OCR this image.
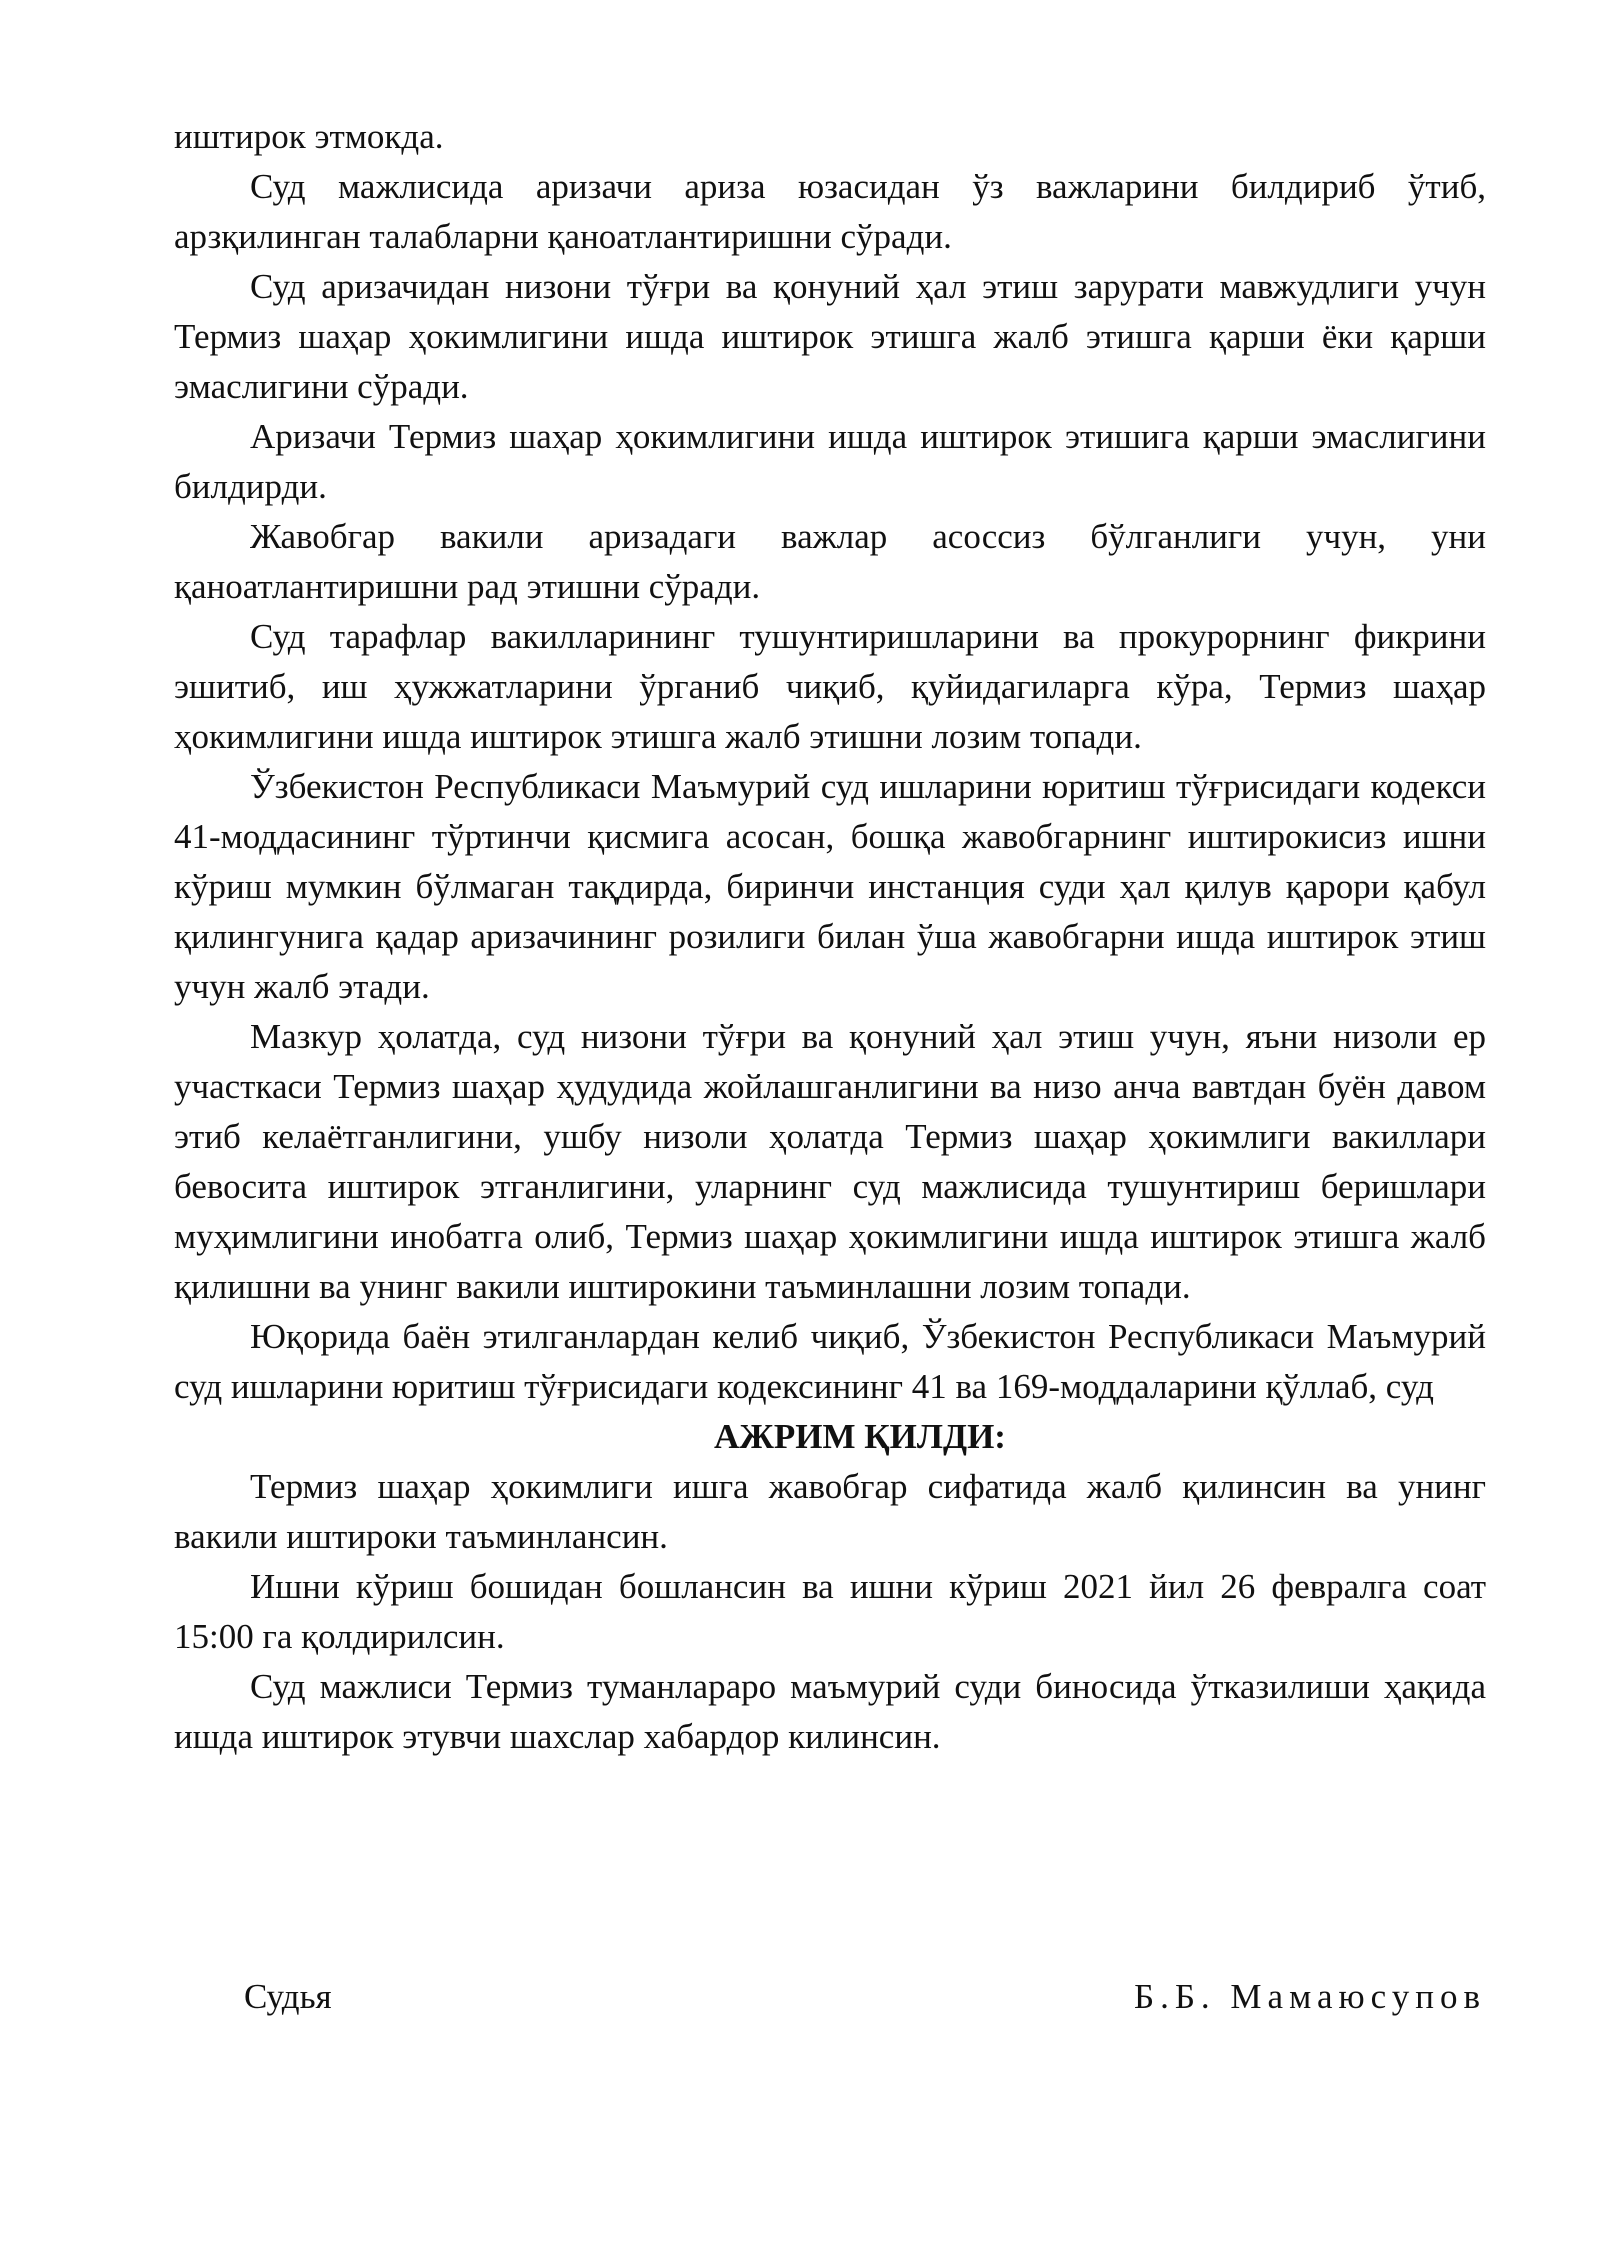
иштирок этмокда.

Суд мажлисида аризачи ариза юзасидан ўз важларини билдириб ўтиб, арзқилинган талабларни қаноатлантиришни сўради.

Суд аризачидан низони тўғри ва қонуний ҳал этиш зарурати мавжудлиги учун Термиз шаҳар ҳокимлигини ишда иштирок этишга жалб этишга қарши ёки қарши эмаслигини сўради.

Аризачи Термиз шаҳар ҳокимлигини ишда иштирок этишига қарши эмаслигини билдирди.

Жавобгар вакили аризадаги важлар асоссиз бўлганлиги учун, уни қаноатлантиришни рад этишни сўради.

Суд тарафлар вакилларининг тушунтиришларини ва прокурорнинг фикрини эшитиб, иш ҳужжатларини ўрганиб чиқиб, қуйидагиларга кўра, Термиз шаҳар ҳокимлигини ишда иштирок этишга жалб этишни лозим топади.

Ўзбекистон Республикаси Маъмурий суд ишларини юритиш тўғрисидаги кодекси 41-моддасининг тўртинчи қисмига асосан, бошқа жавобгарнинг иштирокисиз ишни кўриш мумкин бўлмаган тақдирда, биринчи инстанция суди ҳал қилув қарори қабул қилингунига қадар аризачининг розилиги билан ўша жавобгарни ишда иштирок этиш учун жалб этади.

Мазкур ҳолатда, суд низони тўғри ва қонуний ҳал этиш учун, яъни низоли ер участкаси Термиз шаҳар ҳудудида жойлашганлигини ва низо анча вавтдан буён давом этиб келаётганлигини, ушбу низоли ҳолатда Термиз шаҳар ҳокимлиги вакиллари бевосита иштирок этганлигини, уларнинг суд мажлисида тушунтириш беришлари муҳимлигини инобатга олиб, Термиз шаҳар ҳокимлигини ишда иштирок этишга жалб қилишни ва унинг вакили иштирокини таъминлашни лозим топади.

Юқорида баён этилганлардан келиб чиқиб, Ўзбекистон Республикаси Маъмурий суд ишларини юритиш тўғрисидаги кодексининг 41 ва 169-моддаларини қўллаб, суд

АЖРИМ ҚИЛДИ:

Термиз шаҳар ҳокимлиги ишга жавобгар сифатида жалб қилинсин ва унинг вакили иштироки таъминлансин.

Ишни кўриш бошидан бошлансин ва ишни кўриш 2021 йил 26 февралга соат 15:00 га қолдирилсин.

Суд мажлиси Термиз туманлараро маъмурий суди биносида ўтказилиши ҳақида ишда иштирок этувчи шахслар хабардор килинсин.

Судья	Б.Б. Мамаюсупов
